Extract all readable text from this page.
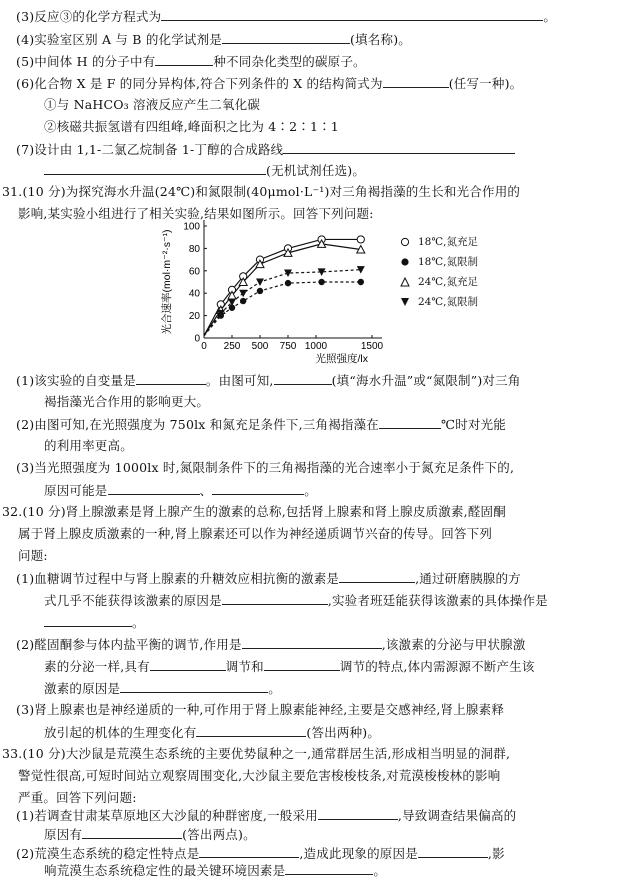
(3)反应③的化学方程式为	。
(4)实验室区别 A 与 B 的化学试剂是	(填名称)。
(5)中间体 H 的分子中有	种不同杂化类型的碳原子。
(6)化合物 X 是 F 的同分异构体,符合下列条件的 X 的结构简式为	(任写一种)。
①与 NaHCO₃ 溶液反应产生二氧化碳
②核磁共振氢谱有四组峰,峰面积之比为 4∶2∶1∶1
(7)设计由 1,1-二氯乙烷制备 1-丁醇的合成路线
(无机试剂任选)。
31.(10 分)为探究海水升温(24℃)和氮限制(40μmol·L⁻¹)对三角褐指藻的生长和光合作用的
影响,某实验小组进行了相关实验,结果如图所示。回答下列问题:
0 250 500 750 1000	1500
0
20
40
60
80
100
光合速率(mol·m⁻²·s⁻¹)
光照强度/lx
18℃,氮充足
18℃,氮限制
24℃,氮充足
24℃,氮限制
(1)该实验的自变量是	。由图可知,	(填“海水升温”或“氮限制”)对三角
褐指藻光合作用的影响更大。
(2)由图可知,在光照强度为 750lx 和氮充足条件下,三角褐指藻在	℃时对光能
的利用率更高。
(3)当光照强度为 1000lx 时,氮限制条件下的三角褐指藻的光合速率小于氮充足条件下的,
原因可能是	、	。
32.(10 分)肾上腺激素是肾上腺产生的激素的总称,包括肾上腺素和肾上腺皮质激素,醛固酮
属于肾上腺皮质激素的一种,肾上腺素还可以作为神经递质调节兴奋的传导。回答下列
问题:
(1)血糖调节过程中与肾上腺素的升糖效应相抗衡的激素是	,通过研磨胰腺的方
式几乎不能获得该激素的原因是	,实验者班廷能获得该激素的具体操作是
。
(2)醛固酮参与体内盐平衡的调节,作用是	,该激素的分泌与甲状腺激
素的分泌一样,具有	调节和	调节的特点,体内需源源不断产生该
激素的原因是	。
(3)肾上腺素也是神经递质的一种,可作用于肾上腺素能神经,主要是交感神经,肾上腺素释
放引起的机体的生理变化有	(答出两种)。
33.(10 分)大沙鼠是荒漠生态系统的主要优势鼠种之一,通常群居生活,形成相当明显的洞群,
警觉性很高,可短时间站立观察周围变化,大沙鼠主要危害梭梭枝条,对荒漠梭梭林的影响
严重。回答下列问题:
(1)若调查甘肃某草原地区大沙鼠的种群密度,一般采用	,导致调查结果偏高的
原因有	(答出两点)。
(2)荒漠生态系统的稳定性特点是	,造成此现象的原因是	,影
响荒漠生态系统稳定性的最关键环境因素是	。
